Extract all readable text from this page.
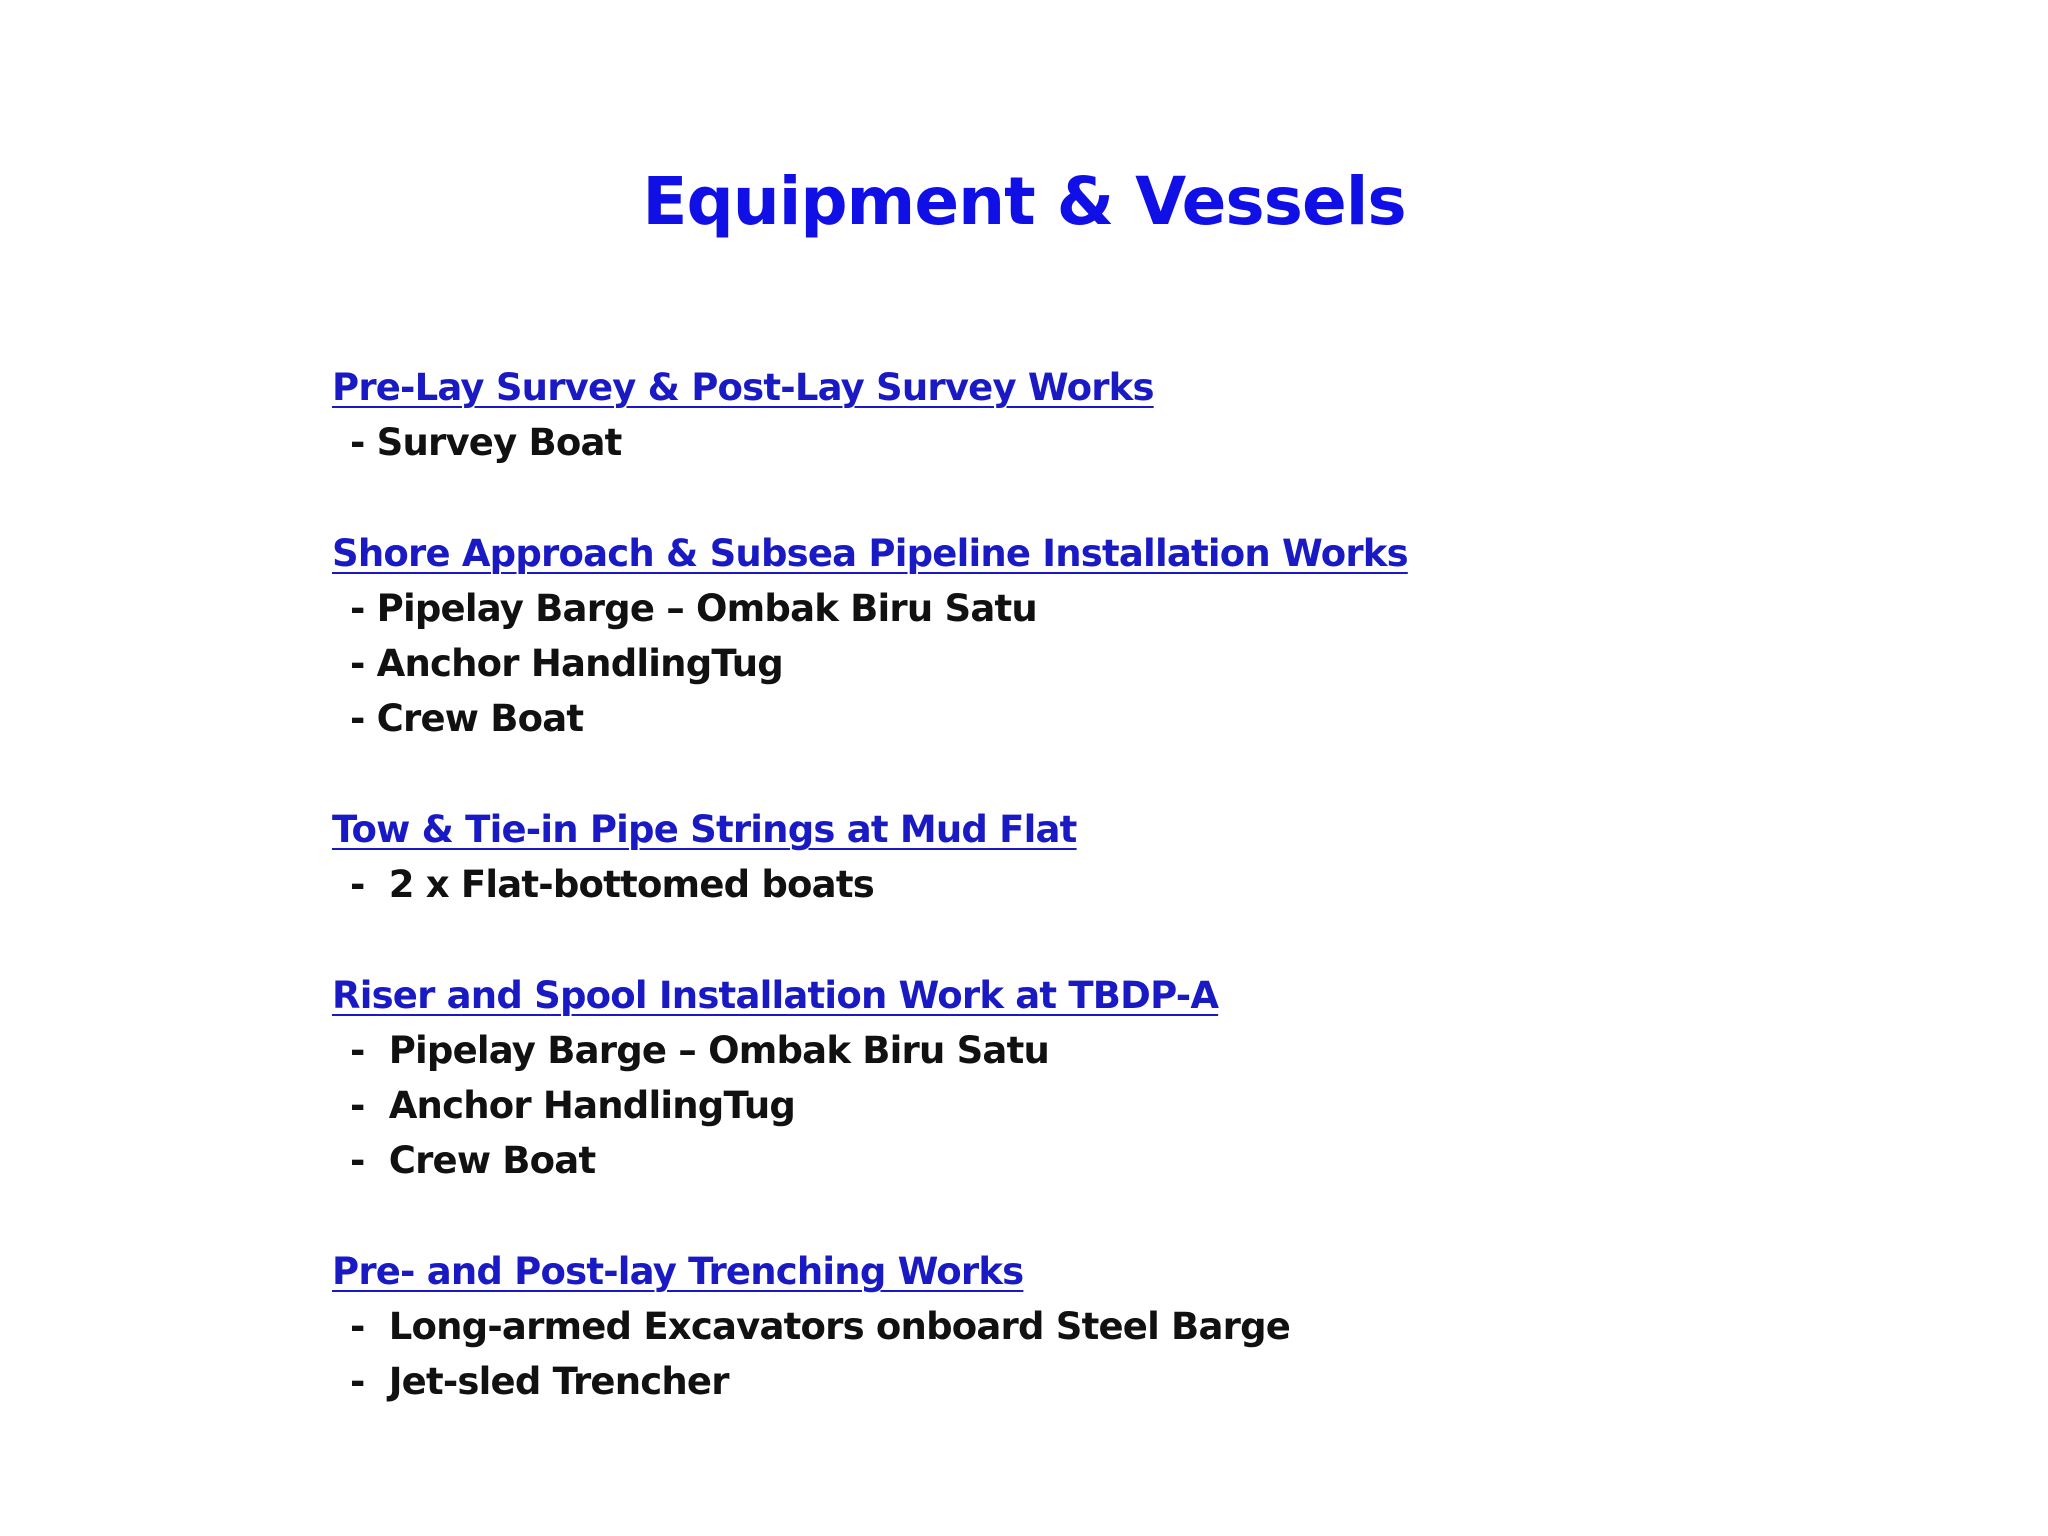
Equipment & Vessels
Pre-Lay Survey & Post-Lay Survey Works
- Survey Boat
Shore Approach & Subsea Pipeline Installation Works
- Pipelay Barge – Ombak Biru Satu
- Anchor HandlingTug
- Crew Boat
Tow & Tie-in Pipe Strings at Mud Flat
-  2 x Flat-bottomed boats
Riser and Spool Installation Work at TBDP-A
-  Pipelay Barge – Ombak Biru Satu
-  Anchor HandlingTug
-  Crew Boat
Pre- and Post-lay Trenching Works
-  Long-armed Excavators onboard Steel Barge
-  Jet-sled Trencher
